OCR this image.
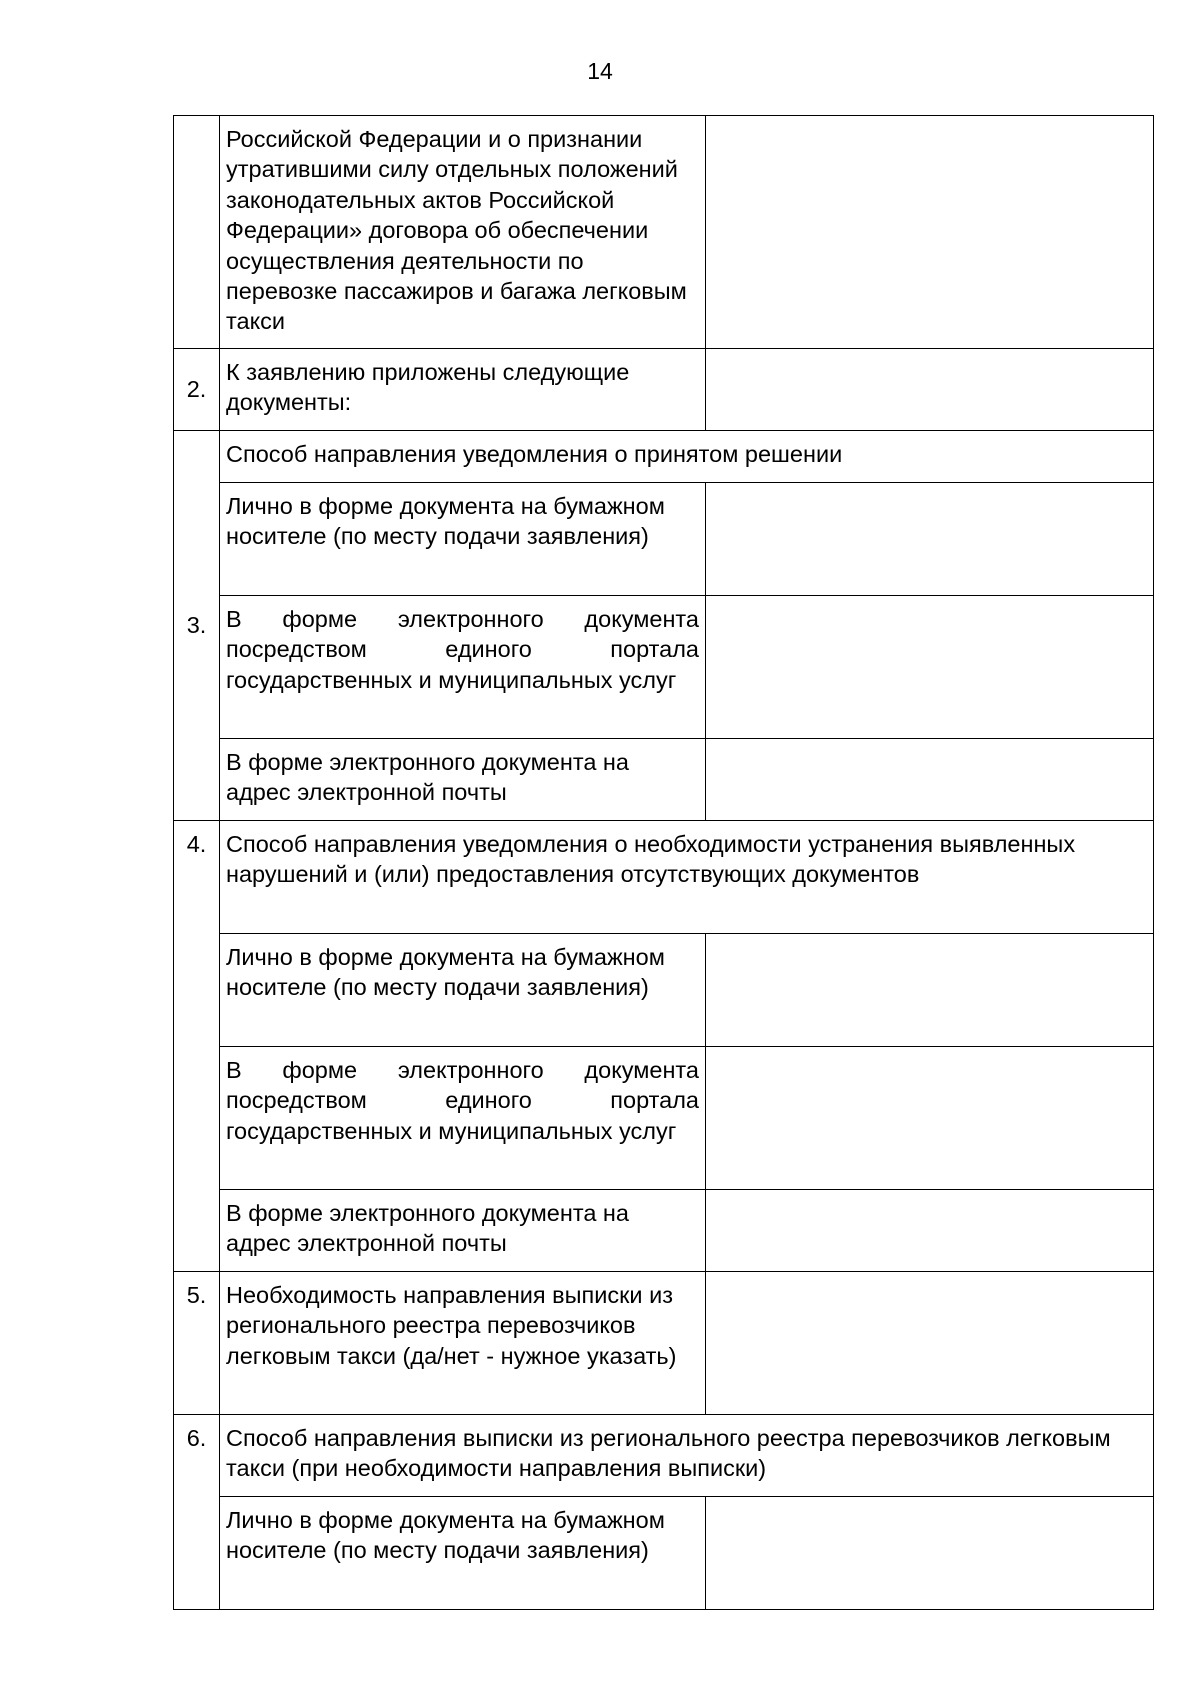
14
	Российской Федерации и о признании утратившими силу отдельных положений законодательных актов Российской Федерации» договора об обеспечении осуществления деятельности по перевозке пассажиров и багажа легковым такси	
2.	К заявлению приложены следующие документы:	
3.	Способ направления уведомления о принятом решении	
	Лично в форме документа на бумажном носителе (по месту подачи заявления)	
	В форме электронного документа посредством единого портала государственных и муниципальных услуг	
	В форме электронного документа на адрес электронной почты	
4.	Способ направления уведомления о необходимости устранения выявленных нарушений и (или) предоставления отсутствующих документов	
	Лично в форме документа на бумажном носителе (по месту подачи заявления)	
	В форме электронного документа посредством единого портала государственных и муниципальных услуг	
	В форме электронного документа на адрес электронной почты	
5.	Необходимость направления выписки из регионального реестра перевозчиков легковым такси (да/нет - нужное указать)	
6.	Способ направления выписки из регионального реестра перевозчиков легковым такси (при необходимости направления выписки)	
	Лично в форме документа на бумажном носителе (по месту подачи заявления)	
